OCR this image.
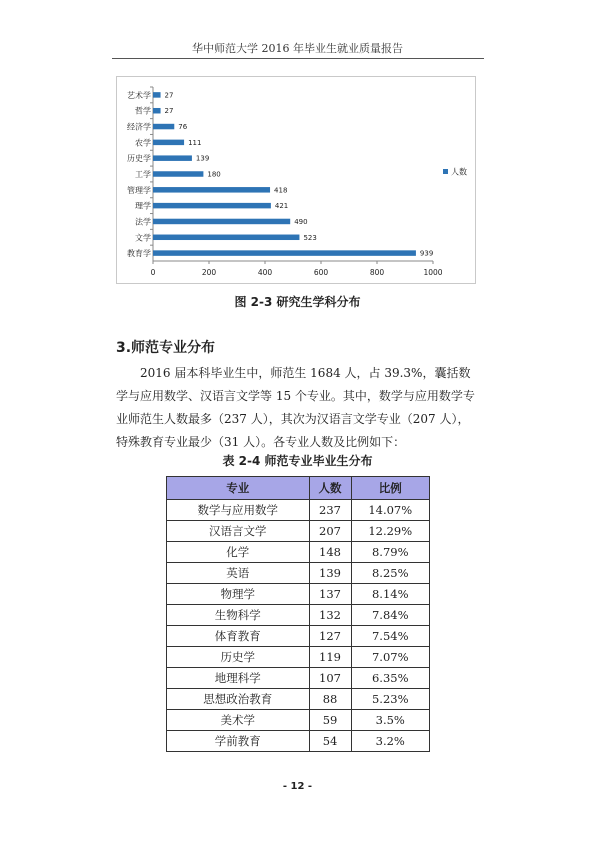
华中师范大学 2016 年毕业生就业质量报告
0	200	400	600	800	1000
艺术学 27
哲学 27
经济学	76
农学	111
历史学	139
工学	180
管理学	418
理学	421
法学	490
文学	523
教育学	939
人数
图 2-3 研究生学科分布
3.师范专业分布

2016 届本科毕业生中，师范生 1684 人，占 39.3%，囊括数学与应用数学、汉语言文学等 15 个专业。其中，数学与应用数学专业师范生人数最多（237 人），其次为汉语言文学专业（207 人），特殊教育专业最少（31 人）。各专业人数及比例如下：

表 2-4 师范专业毕业生分布
专业	人数	比例
数学与应用数学	237	14.07%
汉语言文学	207	12.29%
化学	148	8.79%
英语	139	8.25%
物理学	137	8.14%
生物科学	132	7.84%
体育教育	127	7.54%
历史学	119	7.07%
地理科学	107	6.35%
思想政治教育	88	5.23%
美术学	59	3.5%
学前教育	54	3.2%
- 12 -
